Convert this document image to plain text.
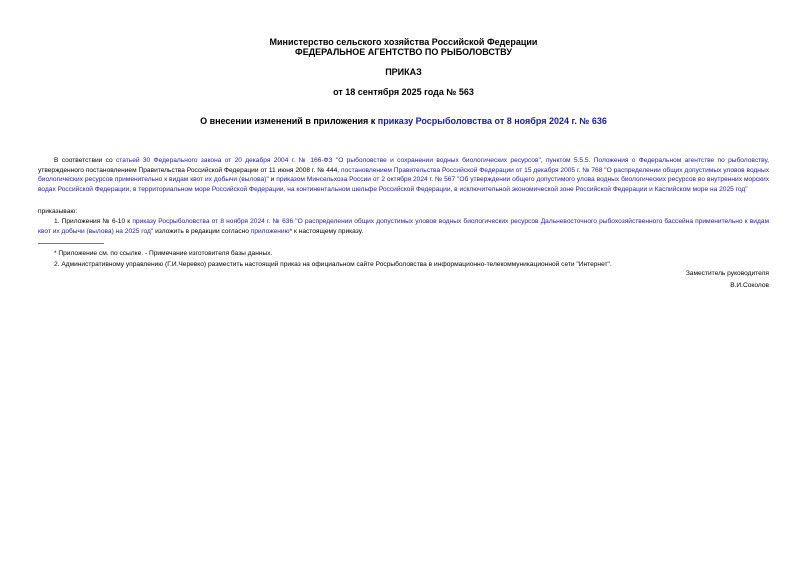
Министерство сельского хозяйства Российской Федерации
ФЕДЕРАЛЬНОЕ АГЕНТСТВО ПО РЫБОЛОВСТВУ
ПРИКАЗ
от 18 сентября 2025 года № 563
О внесении изменений в приложения к приказу Росрыболовства от 8 ноября 2024 г. № 636
В соответствии со статьей 30 Федерального закона от 20 декабря 2004 г. № 166-ФЗ "О рыболовстве и сохранении водных биологических ресурсов", пунктом 5.5.5. Положения о Федеральном агентстве по рыболовству, утвержденного постановлением Правительства Российской Федерации от 11 июня 2008 г. № 444, постановлением Правительства Российской Федерации от 15 декабря 2005 г. № 768 "О распределении общих допустимых уловов водных биологических ресурсов применительно к видам квот их добычи (вылова)" и приказом Минсельхоза России от 2 октября 2024 г. № 567 "Об утверждении общего допустимого улова водных биологических ресурсов во внутренних морских водах Российской Федерации, в территориальном море Российской Федерации, на континентальном шельфе Российской Федерации, в исключительной экономической зоне Российской Федерации и Каспийском море на 2025 год"
приказываю:
1. Приложения № 6-10 к приказу Росрыболовства от 8 ноября 2024 г. № 636 "О распределении общих допустимых уловов водных биологических ресурсов Дальневосточного рыбохозяйственного бассейна применительно к видам квот их добычи (вылова) на 2025 год" изложить в редакции согласно приложению* к настоящему приказу.
* Приложение см. по ссылке. - Примечание изготовителя базы данных.
2. Административному управлению (Г.И.Черевко) разместить настоящий приказ на официальном сайте Росрыболовства в информационно-телекоммуникационной сети "Интернет".
Заместитель руководителя
В.И.Соколов
